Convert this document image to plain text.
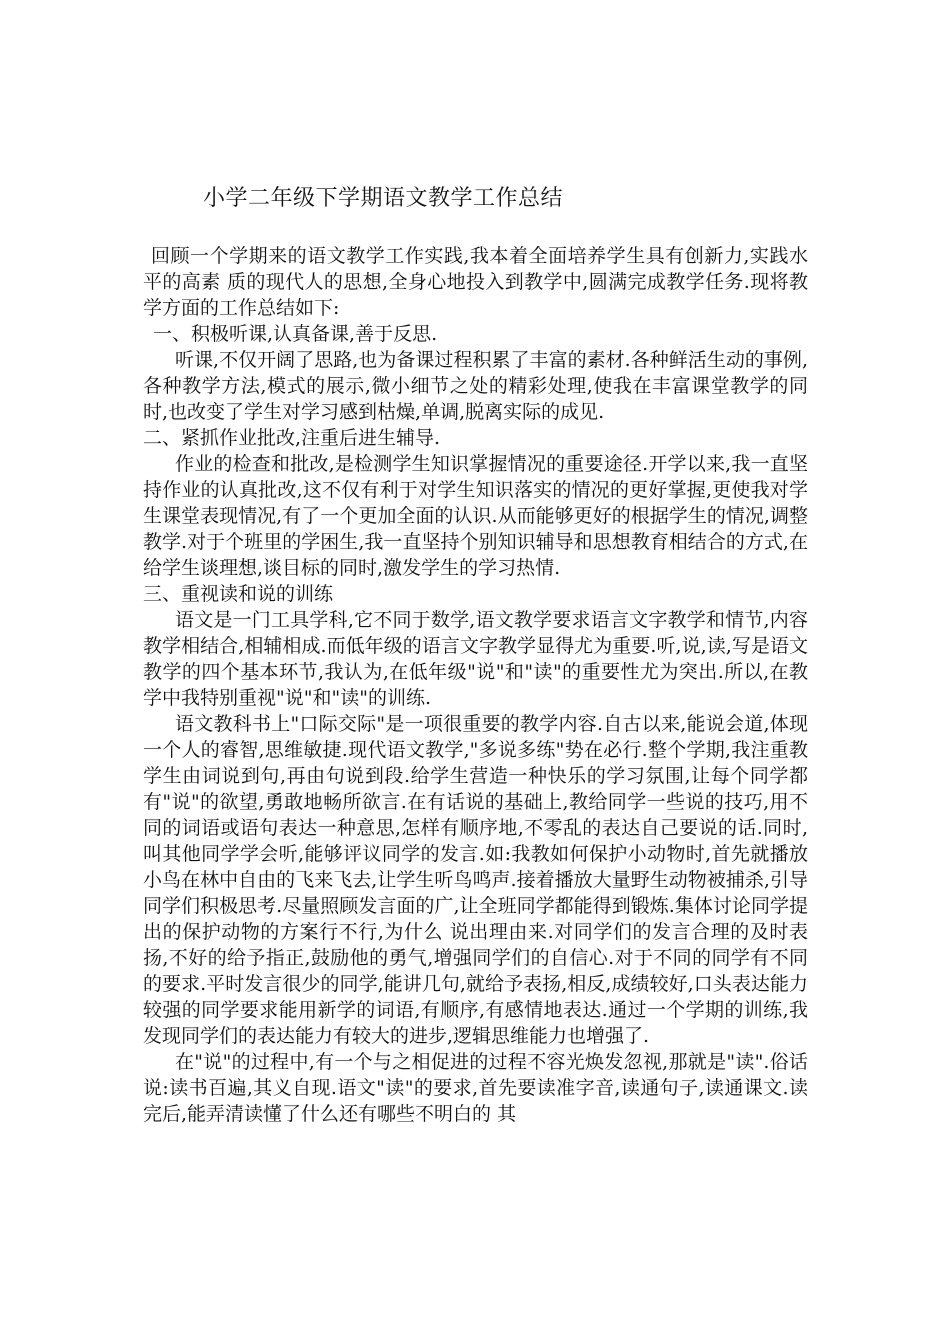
小学二年级下学期语文教学工作总结

回顾一个学期来的语文教学工作实践,我本着全面培养学生具有创新力,实践水平的高素 质的现代人的思想,全身心地投入到教学中,圆满完成教学任务.现将教学方面的工作总结如下:

一、积极听课,认真备课,善于反思.

听课,不仅开阔了思路,也为备课过程积累了丰富的素材.各种鲜活生动的事例,各种教学方法,模式的展示,微小细节之处的精彩处理,使我在丰富课堂教学的同时,也改变了学生对学习感到枯燥,单调,脱离实际的成见.

二、紧抓作业批改,注重后进生辅导.

作业的检查和批改,是检测学生知识掌握情况的重要途径.开学以来,我一直坚持作业的认真批改,这不仅有利于对学生知识落实的情况的更好掌握,更使我对学生课堂表现情况,有了一个更加全面的认识.从而能够更好的根据学生的情况,调整教学.对于个班里的学困生,我一直坚持个别知识辅导和思想教育相结合的方式,在给学生谈理想,谈目标的同时,激发学生的学习热情.

三、重视读和说的训练

语文是一门工具学科,它不同于数学,语文教学要求语言文字教学和情节,内容教学相结合,相辅相成.而低年级的语言文字教学显得尤为重要.听,说,读,写是语文教学的四个基本环节,我认为,在低年级"说"和"读"的重要性尤为突出.所以,在教学中我特别重视"说"和"读"的训练.

语文教科书上"口际交际"是一项很重要的教学内容.自古以来,能说会道,体现一个人的睿智,思维敏捷.现代语文教学,"多说多练"势在必行.整个学期,我注重教学生由词说到句,再由句说到段.给学生营造一种快乐的学习氛围,让每个同学都有"说"的欲望,勇敢地畅所欲言.在有话说的基础上,教给同学一些说的技巧,用不同的词语或语句表达一种意思,怎样有顺序地,不零乱的表达自己要说的话.同时,叫其他同学学会听,能够评议同学的发言.如:我教如何保护小动物时,首先就播放小鸟在林中自由的飞来飞去,让学生听鸟鸣声.接着播放大量野生动物被捕杀,引导同学们积极思考.尽量照顾发言面的广,让全班同学都能得到锻炼.集体讨论同学提出的保护动物的方案行不行,为什么 说出理由来.对同学们的发言合理的及时表扬,不好的给予指正,鼓励他的勇气,增强同学们的自信心.对于不同的同学有不同的要求.平时发言很少的同学,能讲几句,就给予表扬,相反,成绩较好,口头表达能力较强的同学要求能用新学的词语,有顺序,有感情地表达.通过一个学期的训练,我发现同学们的表达能力有较大的进步,逻辑思维能力也增强了.

在"说"的过程中,有一个与之相促进的过程不容光焕发忽视,那就是"读".俗话说:读书百遍,其义自现.语文"读"的要求,首先要读准字音,读通句子,读通课文.读完后,能弄清读懂了什么还有哪些不明白的 其
